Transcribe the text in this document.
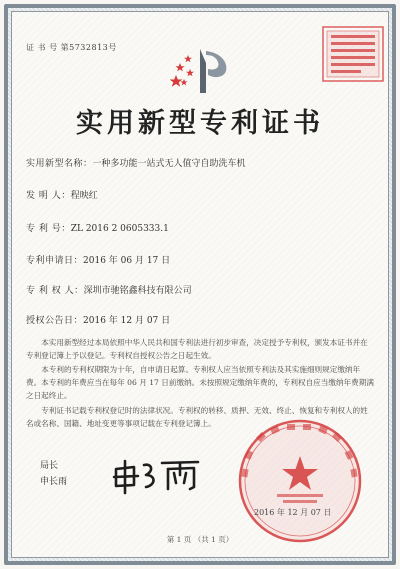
证 书 号 第5732813号
实用新型专利证书
实用新型名称：一种多功能一站式无人值守自助洗车机
发 明 人：程映红
专 利 号：ZL 2016 2 0605333.1
专利申请日：2016 年 06 月 17 日
专 利 权 人：深圳市驰铭鑫科技有限公司
授权公告日：2016 年 12 月 07 日
本实用新型经过本局依照中华人民共和国专利法进行初步审查，决定授予专利权，颁发本证书并在专利登记簿上予以登记。专利权自授权公告之日起生效。
本专利的专利权期限为十年，自申请日起算。专利权人应当依照专利法及其实施细则规定缴纳年费。本专利的年费应当在每年 06 月 17 日前缴纳。未按照规定缴纳年费的，专利权自应当缴纳年费期满之日起终止。
专利证书记载专利权登记时的法律状况。专利权的转移、质押、无效、终止、恢复和专利权人的姓名或名称、国籍、地址变更等事项记载在专利登记簿上。
局长
申长雨
2016 年 12 月 07 日
第 1 页 （共 1 页）
